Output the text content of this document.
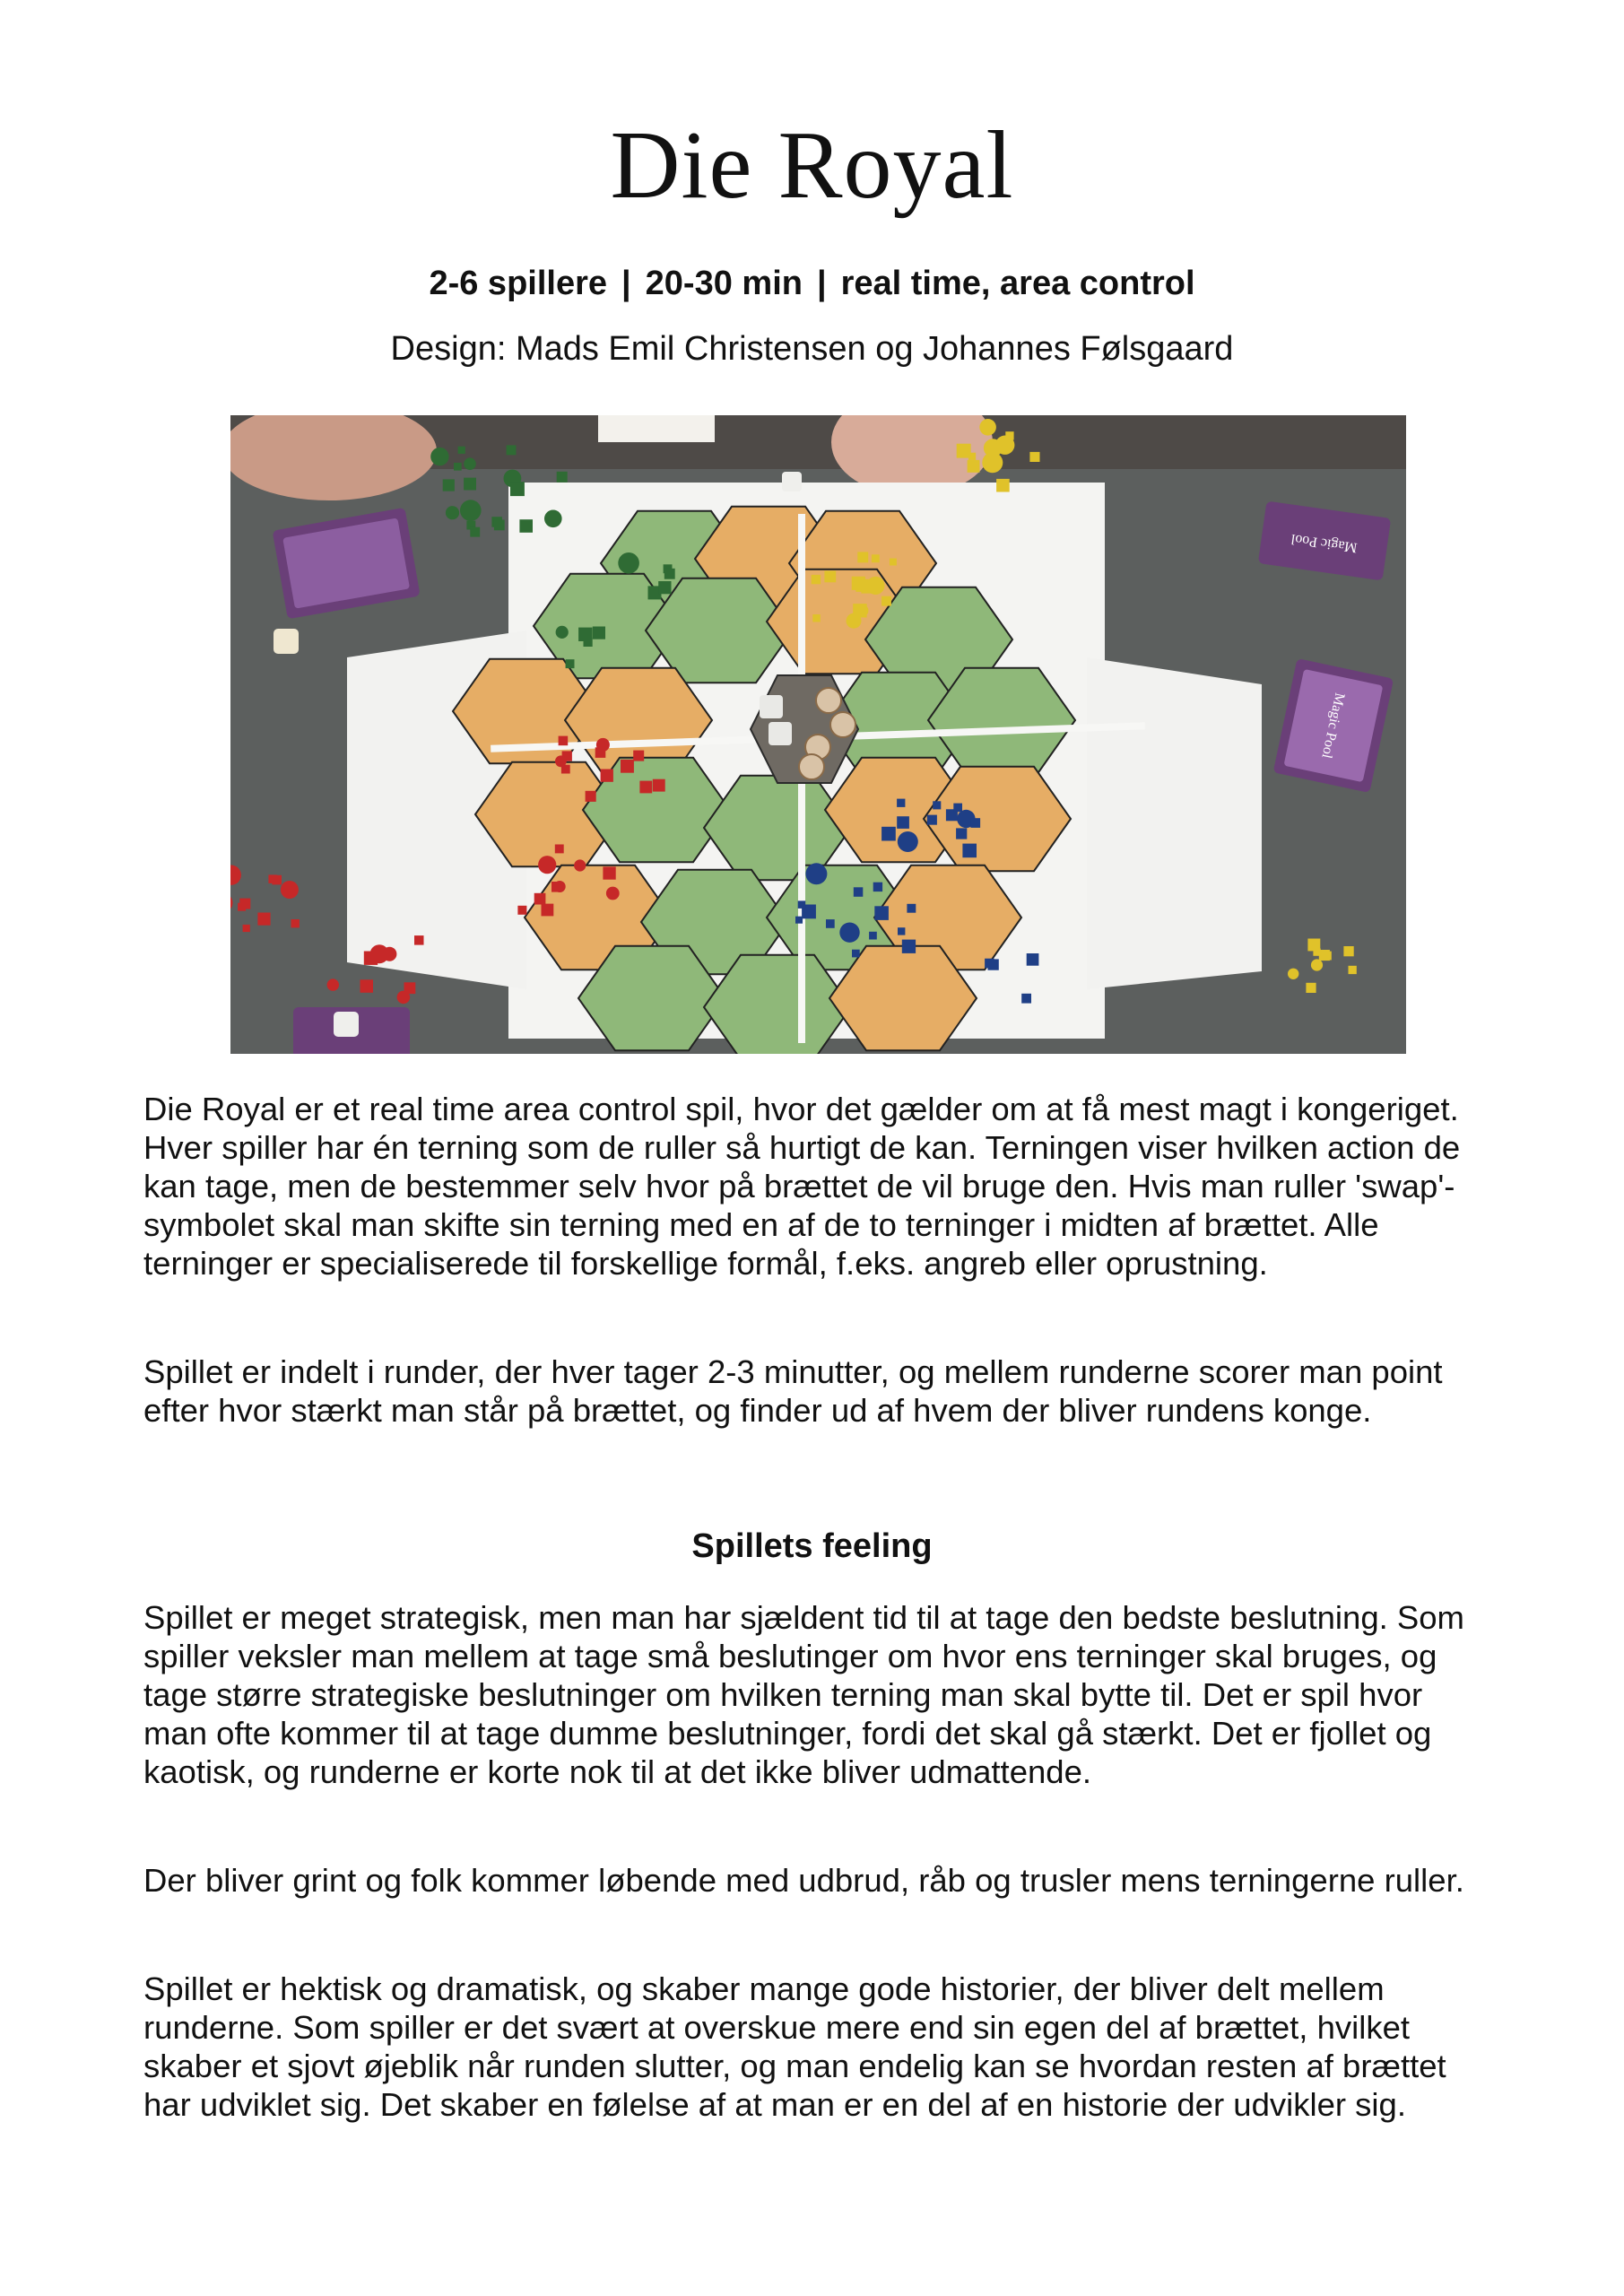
Die Royal
2-6 spillere | 20-30 min | real time, area control
Design: Mads Emil Christensen og Johannes Følsgaard
Magic Pool
Magic Pool

Die Royal er et real time area control spil, hvor det gælder om at få mest magt i kongeriget. Hver spiller har én terning som de ruller så hurtigt de kan. Terningen viser hvilken action de kan tage, men de bestemmer selv hvor på brættet de vil bruge den. Hvis man ruller 'swap'-symbolet skal man skifte sin terning med en af de to terninger i midten af brættet. Alle terninger er specialiserede til forskellige formål, f.eks. angreb eller oprustning.

Spillet er indelt i runder, der hver tager 2-3 minutter, og mellem runderne scorer man point efter hvor stærkt man står på brættet, og finder ud af hvem der bliver rundens konge.

Spillets feeling

Spillet er meget strategisk, men man har sjældent tid til at tage den bedste beslutning. Som spiller veksler man mellem at tage små beslutinger om hvor ens terninger skal bruges, og tage større strategiske beslutninger om hvilken terning man skal bytte til. Det er spil hvor man ofte kommer til at tage dumme beslutninger, fordi det skal gå stærkt. Det er fjollet og kaotisk, og runderne er korte nok til at det ikke bliver udmattende.

Der bliver grint og folk kommer løbende med udbrud, råb og trusler mens terningerne ruller.

Spillet er hektisk og dramatisk, og skaber mange gode historier, der bliver delt mellem runderne. Som spiller er det svært at overskue mere end sin egen del af brættet, hvilket skaber et sjovt øjeblik når runden slutter, og man endelig kan se hvordan resten af brættet har udviklet sig. Det skaber en følelse af at man er en del af en historie der udvikler sig.
